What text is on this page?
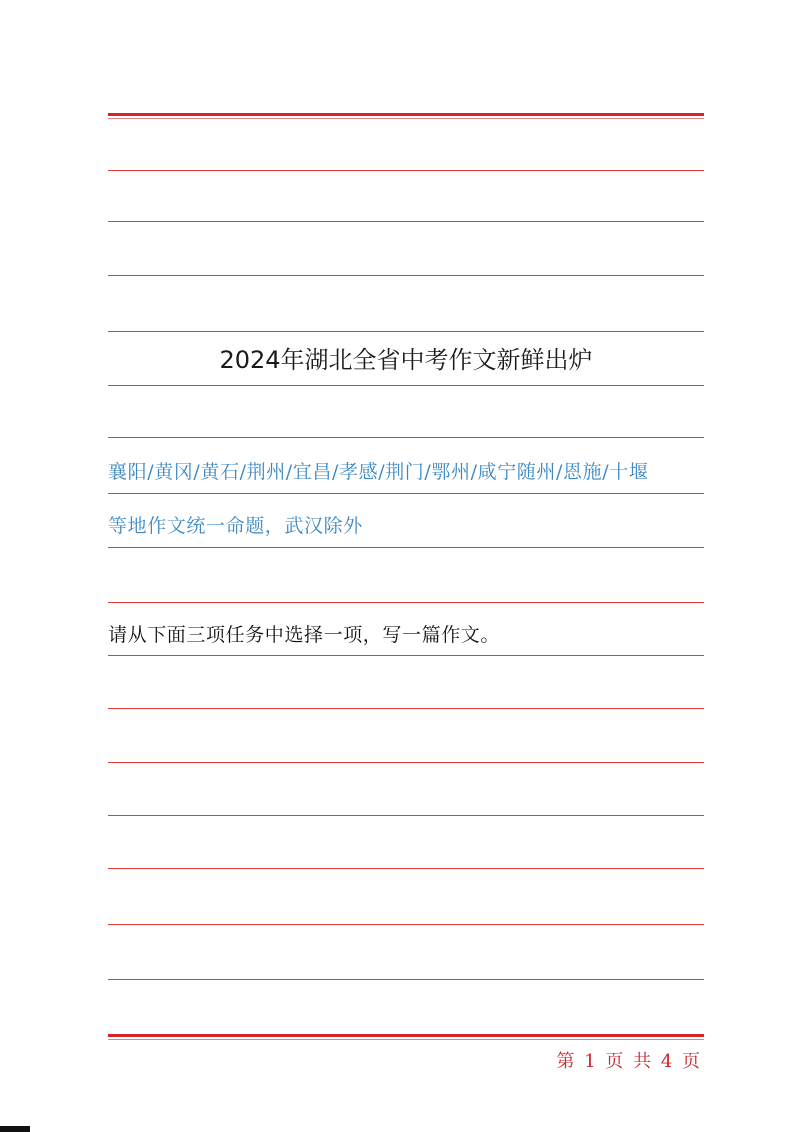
2024年湖北全省中考作文新鲜出炉
襄阳/黄冈/黄石/荆州/宜昌/孝感/荆门/鄂州/咸宁随州/恩施/十堰
等地作文统一命题，武汉除外
请从下面三项任务中选择一项，写一篇作文。
第 1 页 共 4 页
